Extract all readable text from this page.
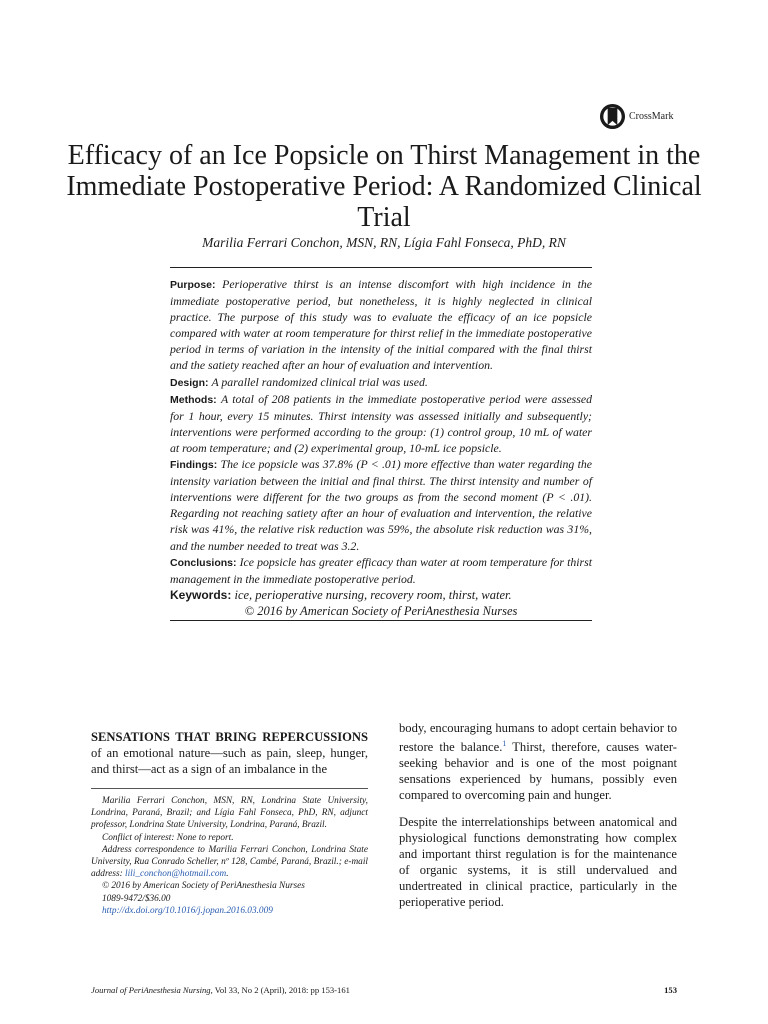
CrossMark
Efficacy of an Ice Popsicle on Thirst Management in the Immediate Postoperative Period: A Randomized Clinical Trial
Marilia Ferrari Conchon, MSN, RN, Lígia Fahl Fonseca, PhD, RN

Purpose: Perioperative thirst is an intense discomfort with high incidence in the immediate postoperative period, but nonetheless, it is highly neglected in clinical practice. The purpose of this study was to evaluate the efficacy of an ice popsicle compared with water at room temperature for thirst relief in the immediate postoperative period in terms of variation in the intensity of the initial compared with the final thirst and the satiety reached after an hour of evaluation and intervention.

Design: A parallel randomized clinical trial was used.

Methods: A total of 208 patients in the immediate postoperative period were assessed for 1 hour, every 15 minutes. Thirst intensity was assessed initially and subsequently; interventions were performed according to the group: (1) control group, 10 mL of water at room temperature; and (2) experimental group, 10-mL ice popsicle.

Findings: The ice popsicle was 37.8% (P < .01) more effective than water regarding the intensity variation between the initial and final thirst. The thirst intensity and number of interventions were different for the two groups as from the second moment (P < .01). Regarding not reaching satiety after an hour of evaluation and intervention, the relative risk was 41%, the relative risk reduction was 59%, the absolute risk reduction was 31%, and the number needed to treat was 3.2.

Conclusions: Ice popsicle has greater efficacy than water at room temperature for thirst management in the immediate postoperative period.

Keywords: ice, perioperative nursing, recovery room, thirst, water.

© 2016 by American Society of PeriAnesthesia Nurses

SENSATIONS THAT BRING REPERCUSSIONS of an emotional nature—such as pain, sleep, hunger, and thirst—act as a sign of an imbalance in the

Marilia Ferrari Conchon, MSN, RN, Londrina State University, Londrina, Paraná, Brazil; and Lígia Fahl Fonseca, PhD, RN, adjunct professor, Londrina State University, Londrina, Paraná, Brazil.

Conflict of interest: None to report.

Address correspondence to Marilia Ferrari Conchon, Londrina State University, Rua Conrado Scheller, nº 128, Cambé, Paraná, Brazil.; e-mail address: lili_conchon@hotmail.com.

© 2016 by American Society of PeriAnesthesia Nurses

1089-9472/$36.00

http://dx.doi.org/10.1016/j.jopan.2016.03.009

body, encouraging humans to adopt certain behavior to restore the balance.$^1$ Thirst, therefore, causes water-seeking behavior and is one of the most poignant sensations experienced by humans, possibly even compared to overcoming pain and hunger.

Despite the interrelationships between anatomical and physiological functions demonstrating how complex and important thirst regulation is for the maintenance of organic systems, it is still undervalued and undertreated in clinical practice, particularly in the perioperative period.

Journal of PeriAnesthesia Nursing, Vol 33, No 2 (April), 2018: pp 153-161	153
